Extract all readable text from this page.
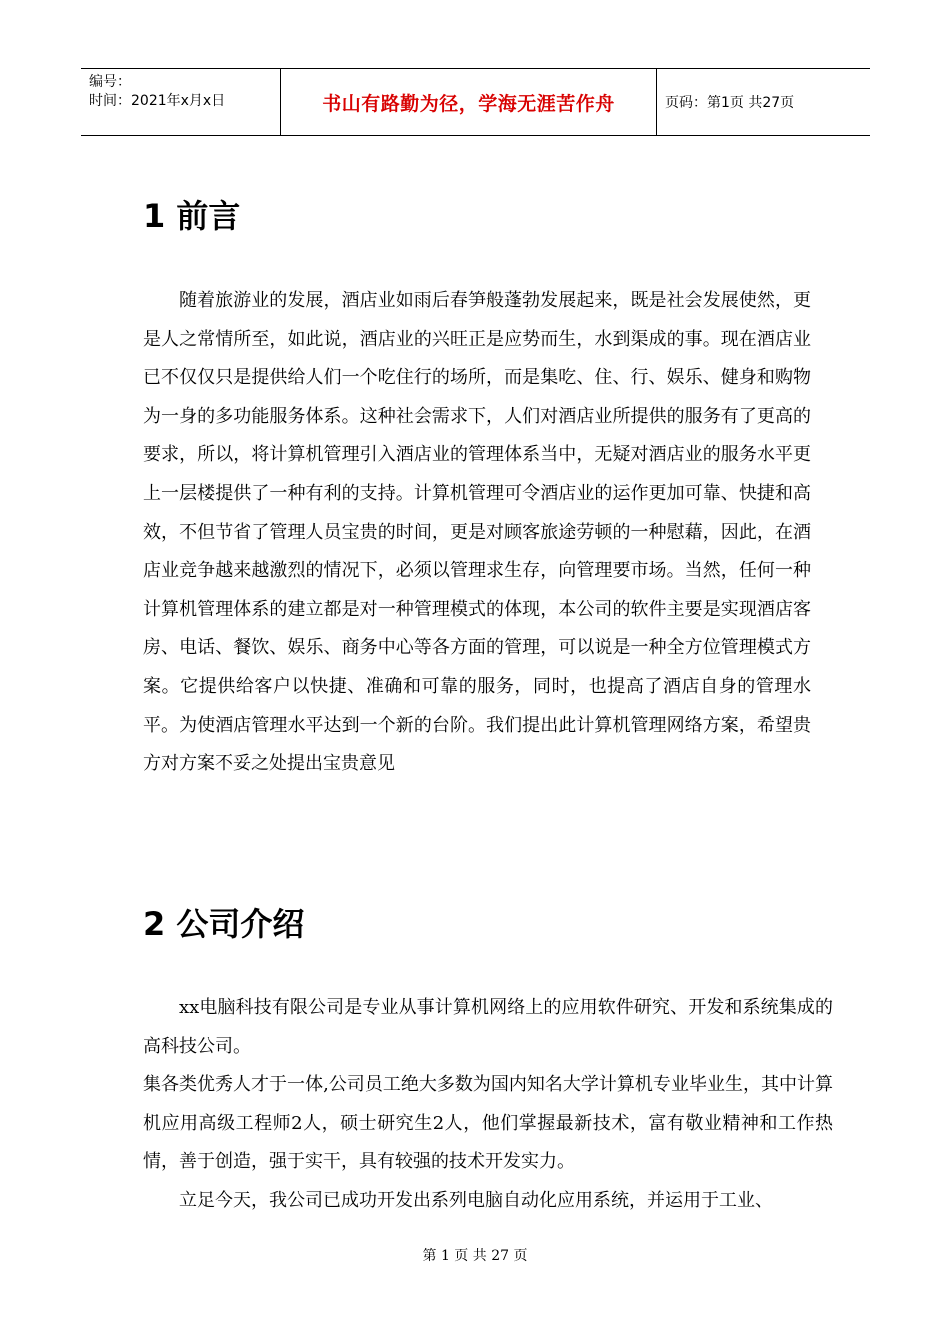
编号：
时间：2021年x月x日	书山有路勤为径，学海无涯苦作舟	页码：第1页 共27页
1 前言

随着旅游业的发展，酒店业如雨后春笋般蓬勃发展起来，既是社会发展使然，更是人之常情所至，如此说，酒店业的兴旺正是应势而生，水到渠成的事。现在酒店业已不仅仅只是提供给人们一个吃住行的场所，而是集吃、住、行、娱乐、健身和购物为一身的多功能服务体系。这种社会需求下，人们对酒店业所提供的服务有了更高的要求，所以，将计算机管理引入酒店业的管理体系当中，无疑对酒店业的服务水平更上一层楼提供了一种有利的支持。计算机管理可令酒店业的运作更加可靠、快捷和高效，不但节省了管理人员宝贵的时间，更是对顾客旅途劳顿的一种慰藉，因此，在酒店业竞争越来越激烈的情况下，必须以管理求生存，向管理要市场。当然，任何一种计算机管理体系的建立都是对一种管理模式的体现，本公司的软件主要是实现酒店客房、电话、餐饮、娱乐、商务中心等各方面的管理，可以说是一种全方位管理模式方案。它提供给客户以快捷、准确和可靠的服务，同时，也提高了酒店自身的管理水平。为使酒店管理水平达到一个新的台阶。我们提出此计算机管理网络方案，希望贵方对方案不妥之处提出宝贵意见

2 公司介绍

xx电脑科技有限公司是专业从事计算机网络上的应用软件研究、开发和系统集成的高科技公司。

集各类优秀人才于一体,公司员工绝大多数为国内知名大学计算机专业毕业生，其中计算机应用高级工程师2人，硕士研究生2人，他们掌握最新技术，富有敬业精神和工作热情，善于创造，强于实干，具有较强的技术开发实力。

立足今天，我公司已成功开发出系列电脑自动化应用系统，并运用于工业、

第 1 页 共 27 页
